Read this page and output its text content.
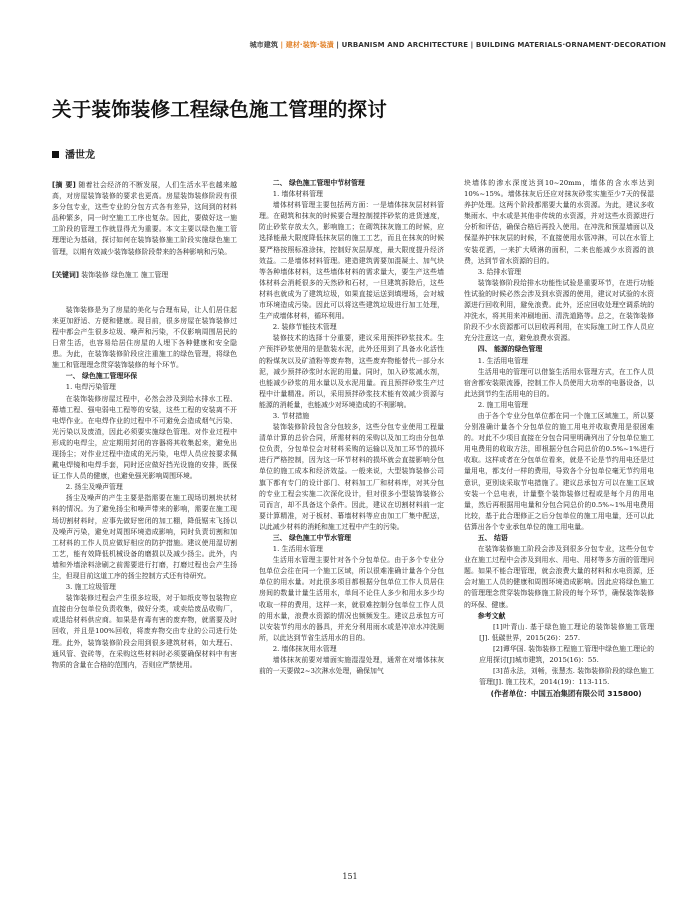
城市建筑 | 建材·装饰·装潢 | URBANISM AND ARCHITECTURE | BUILDING MATERIALS·ORNAMENT·DECORATION
关于装饰装修工程绿色施工管理的探讨
潘世龙

[摘 要] 随着社会经济的不断发展，人们生活水平也越来越高，对房屋装饰装修的要求也更高。房屋装饰装修阶段有很多分包专业，这些专业的分包方式各有差异，这间到的材料品种繁多，同一时空施工工序也复杂。因此，要做好这一施工阶段的管理工作就显得尤为重要。本文主要以绿色施工管理理论为基础，探讨如何在装饰装修施工阶段实施绿色施工管理，以期有效减少装饰装修阶段带来的各种影响和污染。

[关键词] 装饰装修 绿色施工 施工管理

装饰装修是为了房屋的美化与合理布局，让人们居住起来更加舒适、方便和健康。现目前，很多房屋在装饰装修过程中都会产生很多垃圾、噪声和污染，不仅影响周围居民的日常生活，也容易给居住房屋的人埋下各种健康和安全隐患。为此，在装饰装修阶段应注重施工的绿色管理，将绿色施工和管理理念贯穿装饰装修的每个环节。

一、 绿色施工管理环保

1. 电焊污染管理

在装饰装修房屋过程中，必然会涉及到给水排水工程、幕墙工程、强电弱电工程等的安装，这些工程的安装离不开电焊作业。在电焊作业的过程中不可避免会造成烟气污染、光污染以及废渣，因此必须要实施绿色管理。对作业过程中形成的电焊尘，应定期用封闭的容器将其收集起来，避免出现扬尘；对作业过程中造成的光污染，电焊人员应按要求佩戴电焊镜和电焊手套，同时还应做好挡光设施的安排，既保证工作人员的健康，也避免强光影响周围环境。

2. 扬尘及噪声管理

扬尘及噪声的产生主要是指需要在施工现场切割块状材料的情况。为了避免扬尘和噪声带来的影响，需要在施工现场切割材料时，应事先做好密闭的加工棚，降低锯末飞扬以及噪声污染，避免对周围环境造成影响，同时负责切割和加工材料的工作人员应做好相应的防护措施。建议使用湿切割工艺，能有效降低机械设备的磨损以及减少扬尘。此外，内墙和外墙涂料涂刷之前需要进行打磨，打磨过程也会产生扬尘，但现目前这道工序的扬尘控制方式还有待研究。

3. 施工垃圾管理

装饰装修过程会产生很多垃圾，对于如纸皮等包装物应直接由分包单位负责收集，做好分类，或卖给废品收购厂，或退给材料供应商。如果是有毒有害的废弃物，就需要及时回收，并且是100%回收，将废弃物交由专业的公司进行处理。此外，装饰装修阶段会用到很多建筑材料，如大理石、通风管、瓷砖等，在采购这些材料时必须要确保材料中有害物质的含量在合格的范围内，否则应严禁使用。

二、 绿色施工管理中节材管理

1. 墙体材料管理

墙体材料管理主要包括两方面：一是墙体抹灰层材料管理。在砌筑和抹灰的时候要合理控制搅拌砂浆的进货速度，防止砂浆存放太久，影响施工；在砌筑抹灰施工的时候，应选择能最大限度降低抹灰层的施工工艺，而且在抹灰的时候要严格按照标准涂抹，控制好灰层厚度，最大限度提升经济效益。二是墙体材料管理。建造建筑需要加混凝土、加气块等各种墙体材料，这些墙体材料的需求量大，要生产这些墙体材料会消耗很多的天然砂和石材，一旦建筑拆除后，这些材料也就成为了建筑垃圾，如果直接运送到填埋场，会对城市环境造成污染。因此可以将这些建筑垃圾进行加工处理，生产成墙体材料，循环利用。

2. 装修节能技术管理

装修技术的选择十分重要，建议采用预拌砂浆技术。生产预拌砂浆使用的是散装水泥，此外还用到了具备水化活性的粉煤灰以及矿渣粉等废弃物，这些废弃物能替代一部分水泥，减少预拌砂浆时水泥的用量。同时，加入砂浆减水剂，也能减少砂浆的用水量以及水泥用量。而且预拌砂浆生产过程中计量精准。所以，采用预拌砂浆技术能有效减少资源与能源的消耗量，也能减少对环境造成的不利影响。

3. 节材措施

装饰装修阶段包含分包较多，这些分包专业使用工程量清单计算的总价合同，所需材料的采购以及加工均由分包单位负责，分包单位会对材料采购的运输以及加工环节的损坏进行严格控制，因为这一环节材料的损坏就会直接影响分包单位的施工成本和经济效益。一般来说，大型装饰装修公司旗下都有专门的设计部门、材料加工厂和材料库，对其分包的专业工程会实施二次深化设计，但对很多小型装饰装修公司而言，却不具备这个条件。因此，建议在切割材料前一定要计算精准，对于板材、幕墙材料等应由加工厂集中配送，以此减少材料的消耗和施工过程中产生的污染。

三、 绿色施工中节水管理

1. 生活用水管理

生活用水管理主要针对各个分包单位。由于多个专业分包单位会往在同一个施工区域，所以很难准确计量各个分包单位的用水量。对此很多项目都根据分包单位工作人员居住房间的数量计量生活用水，单间不论住人多少和用水多少均收取一样的费用，这样一来，就很难控制分包单位工作人员的用水量，浪费水资源的情况也频频发生。建议总承包方可以安装节约用水的器具，并充分利用雨水或是冲凉水冲洗厕所，以此达到节省生活用水的目的。

2. 墙体抹灰用水管理

墙体抹灰前要对墙面实施湿湿处理，通常在对墙体抹灰前的一天要做2~3次淋水处理，确保加气

块墙体的渗水深度达到10~20mm，墙体的含水率达到10%~15%。墙体抹灰后还应对抹灰砂浆实施至少7天的保湿养护处理。这两个阶段都需要大量的水资源。为此，建议多收集雨水、中水或是其他非传统的水资源，并对这些水资源进行分析和评估，确保合格后再投入使用。在冲洗和预湿墙面以及保湿养护抹灰层的时候，不直接使用水管冲淋，可以在水管上安装花洒，一来扩大喷淋的面积，二来也能减少水资源的浪费，达到节省水资源的目的。

3. 给排水管理

装饰装修阶段给排水功能性试验是重要环节，在进行功能性试验的时候必然会涉及到水资源的使用，建议对试验的水资源进行回收利用，避免浪费。此外，还应回收处理空调系统的冲洗水，将其用来冲刷地面、清洗道路等。总之，在装饰装修阶段不少水资源都可以回收再利用，在实际施工时工作人员应充分注意这一点，避免浪费水资源。

四、 能源的绿色管理

1. 生活用电管理

生活用电的管理可以借鉴生活用水管理方式，在工作人员宿舍都安装限流器，控制工作人员使用大功率的电器设备，以此达到节约生活用电的目的。

2. 施工用电管理

由于各个专业分包单位都在同一个施工区域施工，所以要分别准确计量各个分包单位的施工用电并收取费用是很困难的。对此不少项目直接在分包合同里明确列出了分包单位施工用电费用的收取方法，即根据分包合同总价的0.5%~1%进行收取。这样或者在分包单位看来，就是不论是节约用电还是过量用电，都支付一样的费用，导致各个分包单位毫无节约用电意识，更别谈采取节电措施了。建议总承包方可以在施工区域安装一个总电表，计量整个装饰装修过程或是每个月的用电量，然后再根据用电量和分包合同总价的0.5%~1%用电费用比较，基于此合理修正之后分包单位的施工用电量，还可以此估算出各个专业承包单位的施工用电量。

五、 结语

在装饰装修施工阶段会涉及到很多分包专业，这些分包专业在施工过程中会涉及到用水、用电、用材等多方面的管理问题。如果不能合理管理，就会浪费大量的材料和水电资源，还会对施工人员的健康和周围环境造成影响。因此应将绿色施工的管理理念贯穿装饰装修施工阶段的每个环节，确保装饰装修的环保、健康。

参考文献

[1]叶青山. 基于绿色施工理论的装饰装修施工管理[J]. 低碳世界，2015(26)：257.

[2]谭华国. 装饰装修工程施工管理中绿色施工理论的应用探讨[J]城市建筑，2015(16)：55.

[3]苗永法，刘畅，张慧杰. 装饰装修阶段的绿色施工管理[J]. 施工技术，2014(19)：113-115.

(作者单位：中国五冶集团有限公司 315800)

151
